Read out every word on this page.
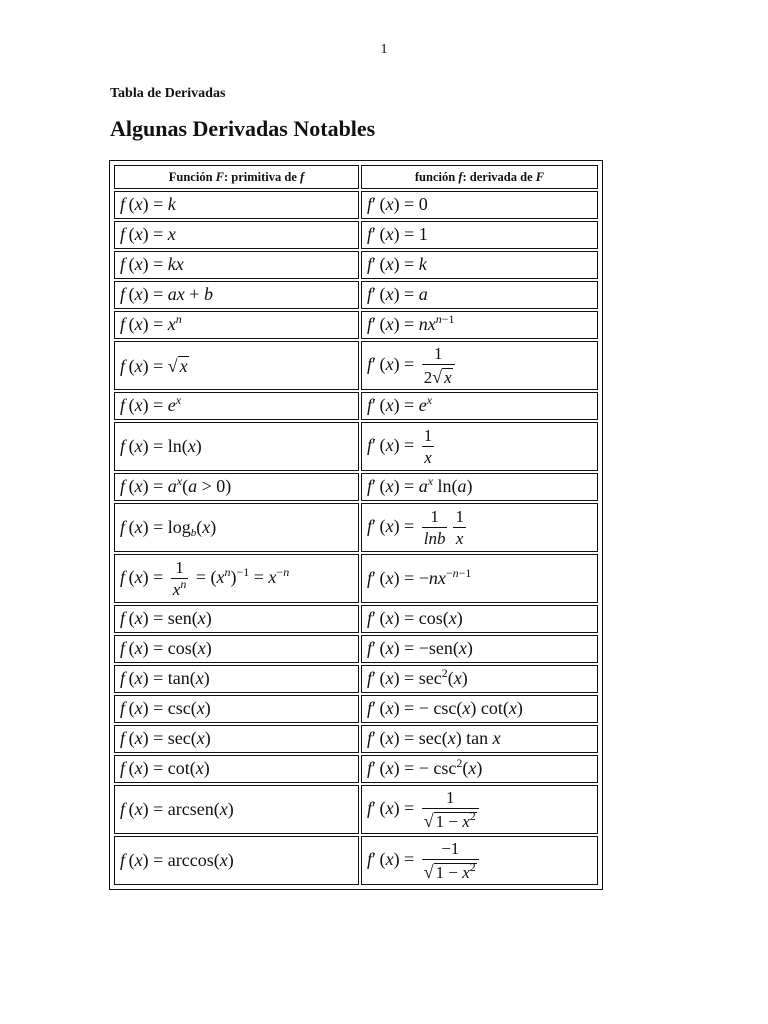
1
Tabla de Derivadas
Algunas Derivadas Notables
Función F: primitiva de f	función f: derivada de F
f (x) = k	f′ (x) = 0
f (x) = x	f′ (x) = 1
f (x) = kx	f′ (x) = k
f (x) = ax + b	f′ (x) = a
f $(x) = x^n$	f′ $(x) = nx^{n-1}$
f (x) = √ x	f′ $(x) = \frac{1}{2√ x}$

f $(x) = e^x$	f′ $(x) = e^x$
f (x) = ln(x)	f′ $(x) = \frac{1}{x}$

f $(x) = a^x(a > 0)$	f′ $(x) = a^x$ ln(a)
f $(x) = \log_b(x)$	f′ $(x) = \frac{1}{\ln b} \frac{1}{x}$

f $(x) = \frac{1}{x^n} = (x^n)^{-1} = x^{-n}$	f′ $(x) = -nx^{-n-1}$
f (x) = sen(x)	f′ (x) = cos(x)
f (x) = cos(x)	f′ (x) = −sen(x)
f (x) = tan(x)	f′ $(x) = \sec^2(x)$
f (x) = csc(x)	f′ (x) = − csc(x) cot(x)
f (x) = sec(x)	f′ (x) = sec(x) tan x
f (x) = cot(x)	f′ (x) = − $\csc^2(x)$
f (x) = arcsen(x)	f′ $(x) = \frac{1}{√ 1 - x^2}$

f (x) = arccos(x)	f′ $(x) = \frac{-1}{√ 1 - x^2}$
